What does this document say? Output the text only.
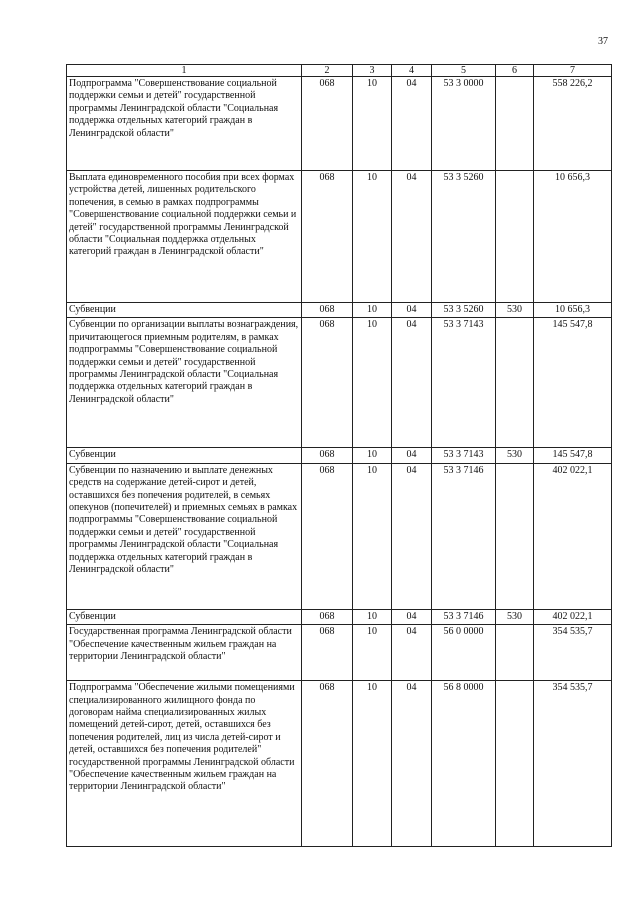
37
1	2	3	4	5	6	7
Подпрограмма "Совершенствование социальной поддержки семьи и детей" государственной программы Ленинградской области "Социальная поддержка отдельных категорий граждан в Ленинградской области"	068	10	04	53 3 0000		558 226,2
Выплата единовременного пособия при всех формах устройства детей, лишенных родительского попечения, в семью в рамках подпрограммы "Совершенствование социальной поддержки семьи и детей" государственной программы Ленинградской области "Социальная поддержка отдельных категорий граждан в Ленинградской области"	068	10	04	53 3 5260		10 656,3
Субвенции	068	10	04	53 3 5260	530	10 656,3
Субвенции по организации выплаты вознаграждения, причитающегося приемным родителям, в рамках подпрограммы "Совершенствование социальной поддержки семьи и детей" государственной программы Ленинградской области "Социальная поддержка отдельных категорий граждан в Ленинградской области"	068	10	04	53 3 7143		145 547,8
Субвенции	068	10	04	53 3 7143	530	145 547,8
Субвенции по назначению и выплате денежных средств на содержание детей-сирот и детей, оставшихся без попечения родителей, в семьях опекунов (попечителей) и приемных семьях в рамках подпрограммы "Совершенствование социальной поддержки семьи и детей" государственной программы Ленинградской области "Социальная поддержка отдельных категорий граждан в Ленинградской области"	068	10	04	53 3 7146		402 022,1
Субвенции	068	10	04	53 3 7146	530	402 022,1
Государственная программа Ленинградской области "Обеспечение качественным жильем граждан на территории Ленинградской области"	068	10	04	56 0 0000		354 535,7
Подпрограмма "Обеспечение жилыми помещениями специализированного жилищного фонда по договорам найма специализированных жилых помещений детей-сирот, детей, оставшихся без попечения родителей, лиц из числа детей-сирот и детей, оставшихся без попечения родителей" государственной программы Ленинградской области "Обеспечение качественным жильем граждан на территории Ленинградской области"	068	10	04	56 8 0000		354 535,7
